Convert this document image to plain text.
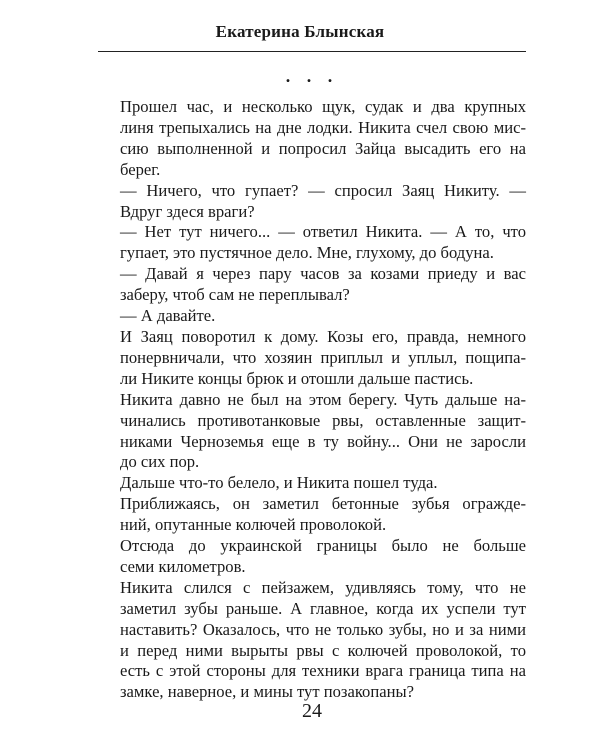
Екатерина Блынская
. . .

Прошел час, и несколько щук, судак и два крупных
линя трепыхались на дне лодки. Никита счел свою мис-
сию выполненной и попросил Зайца высадить его на
берег.

— Ничего, что гупает? — спросил Заяц Никиту. —
Вдруг здеся враги?

— Нет тут ничего... — ответил Никита. — А то, что
гупает, это пустячное дело. Мне, глухому, до бодуна.

— Давай я через пару часов за козами приеду и вас
заберу, чтоб сам не переплывал?

— А давайте.

И Заяц поворотил к дому. Козы его, правда, немного
понервничали, что хозяин приплыл и уплыл, пощипа-
ли Никите концы брюк и отошли дальше пастись.

Никита давно не был на этом берегу. Чуть дальше на-
чинались противотанковые рвы, оставленные защит-
никами Черноземья еще в ту войну... Они не заросли
до сих пор.

Дальше что-то белело, и Никита пошел туда.

Приближаясь, он заметил бетонные зубья огражде-
ний, опутанные колючей проволокой.

Отсюда до украинской границы было не больше
семи километров.

Никита слился с пейзажем, удивляясь тому, что не
заметил зубы раньше. А главное, когда их успели тут
наставить? Оказалось, что не только зубы, но и за ними
и перед ними вырыты рвы с колючей проволокой, то
есть с этой стороны для техники врага граница типа на
замке, наверное, и мины тут позакопаны?

24
